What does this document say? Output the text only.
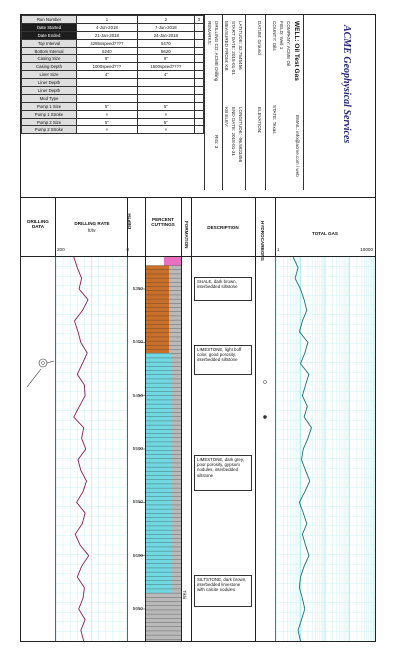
Run Number	1	2	3
Date Started	4-Jun-2018	7-Jun-2018	
Date Ended	21-Jan-2018	24-Jan-2018	
Top Interval	4285sspeed????	5470	
Bottom Interval	5240	5620	
Casing Size	9"	9"	
Casing Depth	1000speed???	1500speed????	
Liner Size	4"	4"	
Liner Depth			
Liner Depth			
Mud Type			
Pump 1 Size	5"	5"	
Pump 1 Stroke	×	×	
Pump 2 Size	5"	5"	
Pump 2 Stroke	×	×	
DRILLING CO: ACME Drilling
REMARKS:
RIG: 3
LATITUDE: 32.7545456
START DATE: 2018-01-01
MEASURED FROM: KB
LONGITUDE: -96.5823456
END DATE: 2018-01-31
KB ELEV:
DATUM: Ground
ELEVATION:
WELL: Oil Test Gas
COMPANY: ACME Oil
FIELD: Well 1
COUNTY: Oils
STATE: Texas	EMAIL: info@acme.com / web
ACME Geophysical Services
DRILLING DATA
DRILLING RATE
ft/hr
200	0
DEPTH	PERCENT CUTTINGS	FORMATION	DESCRIPTION	HYDROCARBONS	TOTAL GAS
1	10000
5350
5400
5450
5500
5550
5600
5650
Tikki
SHALE, dark brown, interbedded siltstone
LIMESTONE, light buff color, good porosity, interbedded siltstone
LIMESTONE, dark grey, poor porosity, gypsum nodules, interbedded siltstone
SILTSTONE, dark brown, interbedded limestone with calcite nodules
